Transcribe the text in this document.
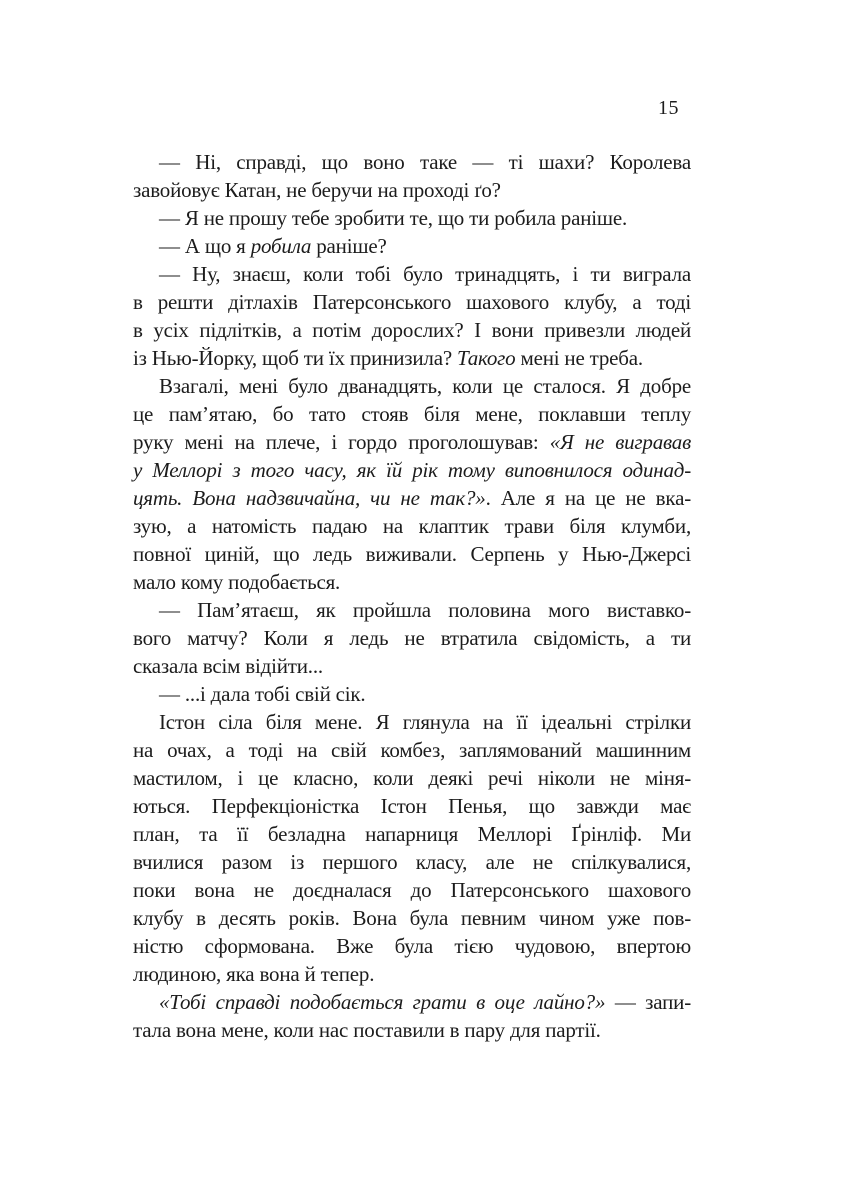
15
— Ні, справді, що воно таке — ті шахи? Королева
завойовує Катан, не беручи на проході ґо?
— Я не прошу тебе зробити те, що ти робила раніше.
— А що я робила раніше?
— Ну, знаєш, коли тобі було тринадцять, і ти виграла
в решти дітлахів Патерсонського шахового клубу, а тоді
в усіх підлітків, а потім дорослих? І вони привезли людей
із Нью-Йорку, щоб ти їх принизила? Такого мені не треба.
Взагалі, мені було дванадцять, коли це сталося. Я добре
це пам’ятаю, бо тато стояв біля мене, поклавши теплу
руку мені на плече, і гордо проголошував: «Я не вигравав
у Меллорі з того часу, як їй рік тому виповнилося одинад-
цять. Вона надзвичайна, чи не так?». Але я на це не вка-
зую, а натомість падаю на клаптик трави біля клумби,
повної циній, що ледь виживали. Серпень у Нью-Джерсі
мало кому подобається.
— Пам’ятаєш, як пройшла половина мого виставко-
вого матчу? Коли я ледь не втратила свідомість, а ти
сказала всім відійти...
— ...і дала тобі свій сік.
Істон сіла біля мене. Я глянула на її ідеальні стрілки
на очах, а тоді на свій комбез, заплямований машинним
мастилом, і це класно, коли деякі речі ніколи не міня-
ються. Перфекціоністка Істон Пенья, що завжди має
план, та її безладна напарниця Меллорі Ґрінліф. Ми
вчилися разом із першого класу, але не спілкувалися,
поки вона не доєдналася до Патерсонського шахового
клубу в десять років. Вона була певним чином уже пов-
ністю сформована. Вже була тією чудовою, впертою
людиною, яка вона й тепер.
«Тобі справді подобається грати в оце лайно?» — запи-
тала вона мене, коли нас поставили в пару для партії.
